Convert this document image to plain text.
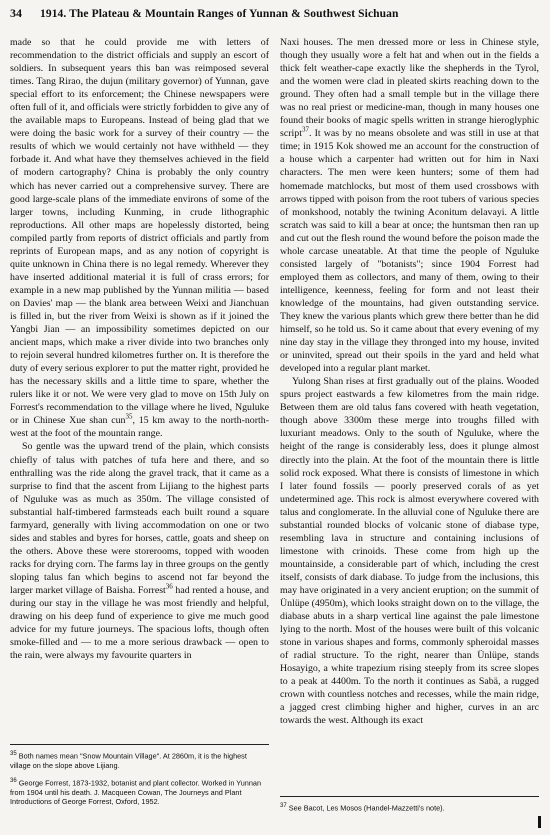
34 1914. The Plateau & Mountain Ranges of Yunnan & Southwest Sichuan

made so that he could provide me with letters of recommendation to the district officials and supply an escort of soldiers. In subsequent years this ban was reimposed several times. Tang Rirao, the dujun (military governor) of Yunnan, gave special effort to its enforcement; the Chinese newspapers were often full of it, and officials were strictly forbidden to give any of the available maps to Europeans. Instead of being glad that we were doing the basic work for a survey of their country — the results of which we would certainly not have withheld — they forbade it. And what have they themselves achieved in the field of modern cartography? China is probably the only country which has never carried out a comprehensive survey. There are good large-scale plans of the immediate environs of some of the larger towns, including Kunming, in crude lithographic reproductions. All other maps are hopelessly distorted, being compiled partly from reports of district officials and partly from reprints of European maps, and as any notion of copyright is quite unknown in China there is no legal remedy. Wherever they have inserted additional material it is full of crass errors; for example in a new map published by the Yunnan militia — based on Davies' map — the blank area between Weixi and Jianchuan is filled in, but the river from Weixi is shown as if it joined the Yangbi Jian — an impossibility sometimes depicted on our ancient maps, which make a river divide into two branches only to rejoin several hundred kilometres further on. It is therefore the duty of every serious explorer to put the matter right, provided he has the necessary skills and a little time to spare, whether the rulers like it or not. We were very glad to move on 15th July on Forrest's recommendation to the village where he lived, Nguluke or in Chinese Xue shan cun$^{35}$, 15 km away to the north-north-west at the foot of the mountain range.

So gentle was the upward trend of the plain, which consists chiefly of talus with patches of tufa here and there, and so enthralling was the ride along the gravel track, that it came as a surprise to find that the ascent from Lijiang to the highest parts of Nguluke was as much as 350m. The village consisted of substantial half-timbered farmsteads each built round a square farmyard, generally with living accommodation on one or two sides and stables and byres for horses, cattle, goats and sheep on the others. Above these were storerooms, topped with wooden racks for drying corn. The farms lay in three groups on the gently sloping talus fan which begins to ascend not far beyond the larger market village of Baisha. Forrest$^{36}$ had rented a house, and during our stay in the village he was most friendly and helpful, drawing on his deep fund of experience to give me much good advice for my future journeys. The spacious lofts, though often smoke-filled and — to me a more serious drawback — open to the rain, were always my favourite quarters in

Naxi houses. The men dressed more or less in Chinese style, though they usually wore a felt hat and when out in the fields a thick felt weather-cape exactly like the shepherds in the Tyrol, and the women were clad in pleated skirts reaching down to the ground. They often had a small temple but in the village there was no real priest or medicine-man, though in many houses one found their books of magic spells written in strange hieroglyphic script$^{37}$. It was by no means obsolete and was still in use at that time; in 1915 Kok showed me an account for the construction of a house which a carpenter had written out for him in Naxi characters. The men were keen hunters; some of them had homemade matchlocks, but most of them used crossbows with arrows tipped with poison from the root tubers of various species of monkshood, notably the twining Aconitum delavayi. A little scratch was said to kill a bear at once; the huntsman then ran up and cut out the flesh round the wound before the poison made the whole carcase uneatable. At that time the people of Nguluke consisted largely of "botanists"; since 1904 Forrest had employed them as collectors, and many of them, owing to their intelligence, keenness, feeling for form and not least their knowledge of the mountains, had given outstanding service. They knew the various plants which grew there better than he did himself, so he told us. So it came about that every evening of my nine day stay in the village they thronged into my house, invited or uninvited, spread out their spoils in the yard and held what developed into a regular plant market.

Yulong Shan rises at first gradually out of the plains. Wooded spurs project eastwards a few kilometres from the main ridge. Between them are old talus fans covered with heath vegetation, though above 3300m these merge into troughs filled with luxuriant meadows. Only to the south of Nguluke, where the height of the range is considerably less, does it plunge almost directly into the plain. At the foot of the mountain there is little solid rock exposed. What there is consists of limestone in which I later found fossils — poorly preserved corals of as yet undetermined age. This rock is almost everywhere covered with talus and conglomerate. In the alluvial cone of Nguluke there are substantial rounded blocks of volcanic stone of diabase type, resembling lava in structure and containing inclusions of limestone with crinoids. These come from high up the mountainside, a considerable part of which, including the crest itself, consists of dark diabase. To judge from the inclusions, this may have originated in a very ancient eruption; on the summit of Ünlüpe (4950m), which looks straight down on to the village, the diabase abuts in a sharp vertical line against the pale limestone lying to the north. Most of the houses were built of this volcanic stone in various shapes and forms, commonly spheroidal masses of radial structure. To the right, nearer than Ünlüpe, stands Hosayigo, a white trapezium rising steeply from its scree slopes to a peak at 4400m. To the north it continues as Sabä, a rugged crown with countless notches and recesses, while the main ridge, a jagged crest climbing higher and higher, curves in an arc towards the west. Although its exact

$^{35}$ Both names mean "Snow Mountain Village". At 2860m, it is the highest village on the slope above Lijiang.

$^{36}$ George Forrest, 1873-1932, botanist and plant collector. Worked in Yunnan from 1904 until his death. J. Macqueen Cowan, The Journeys and Plant Introductions of George Forrest, Oxford, 1952.	$^{37}$ See Bacot, Les Mosos (Handel-Mazzetti's note).
